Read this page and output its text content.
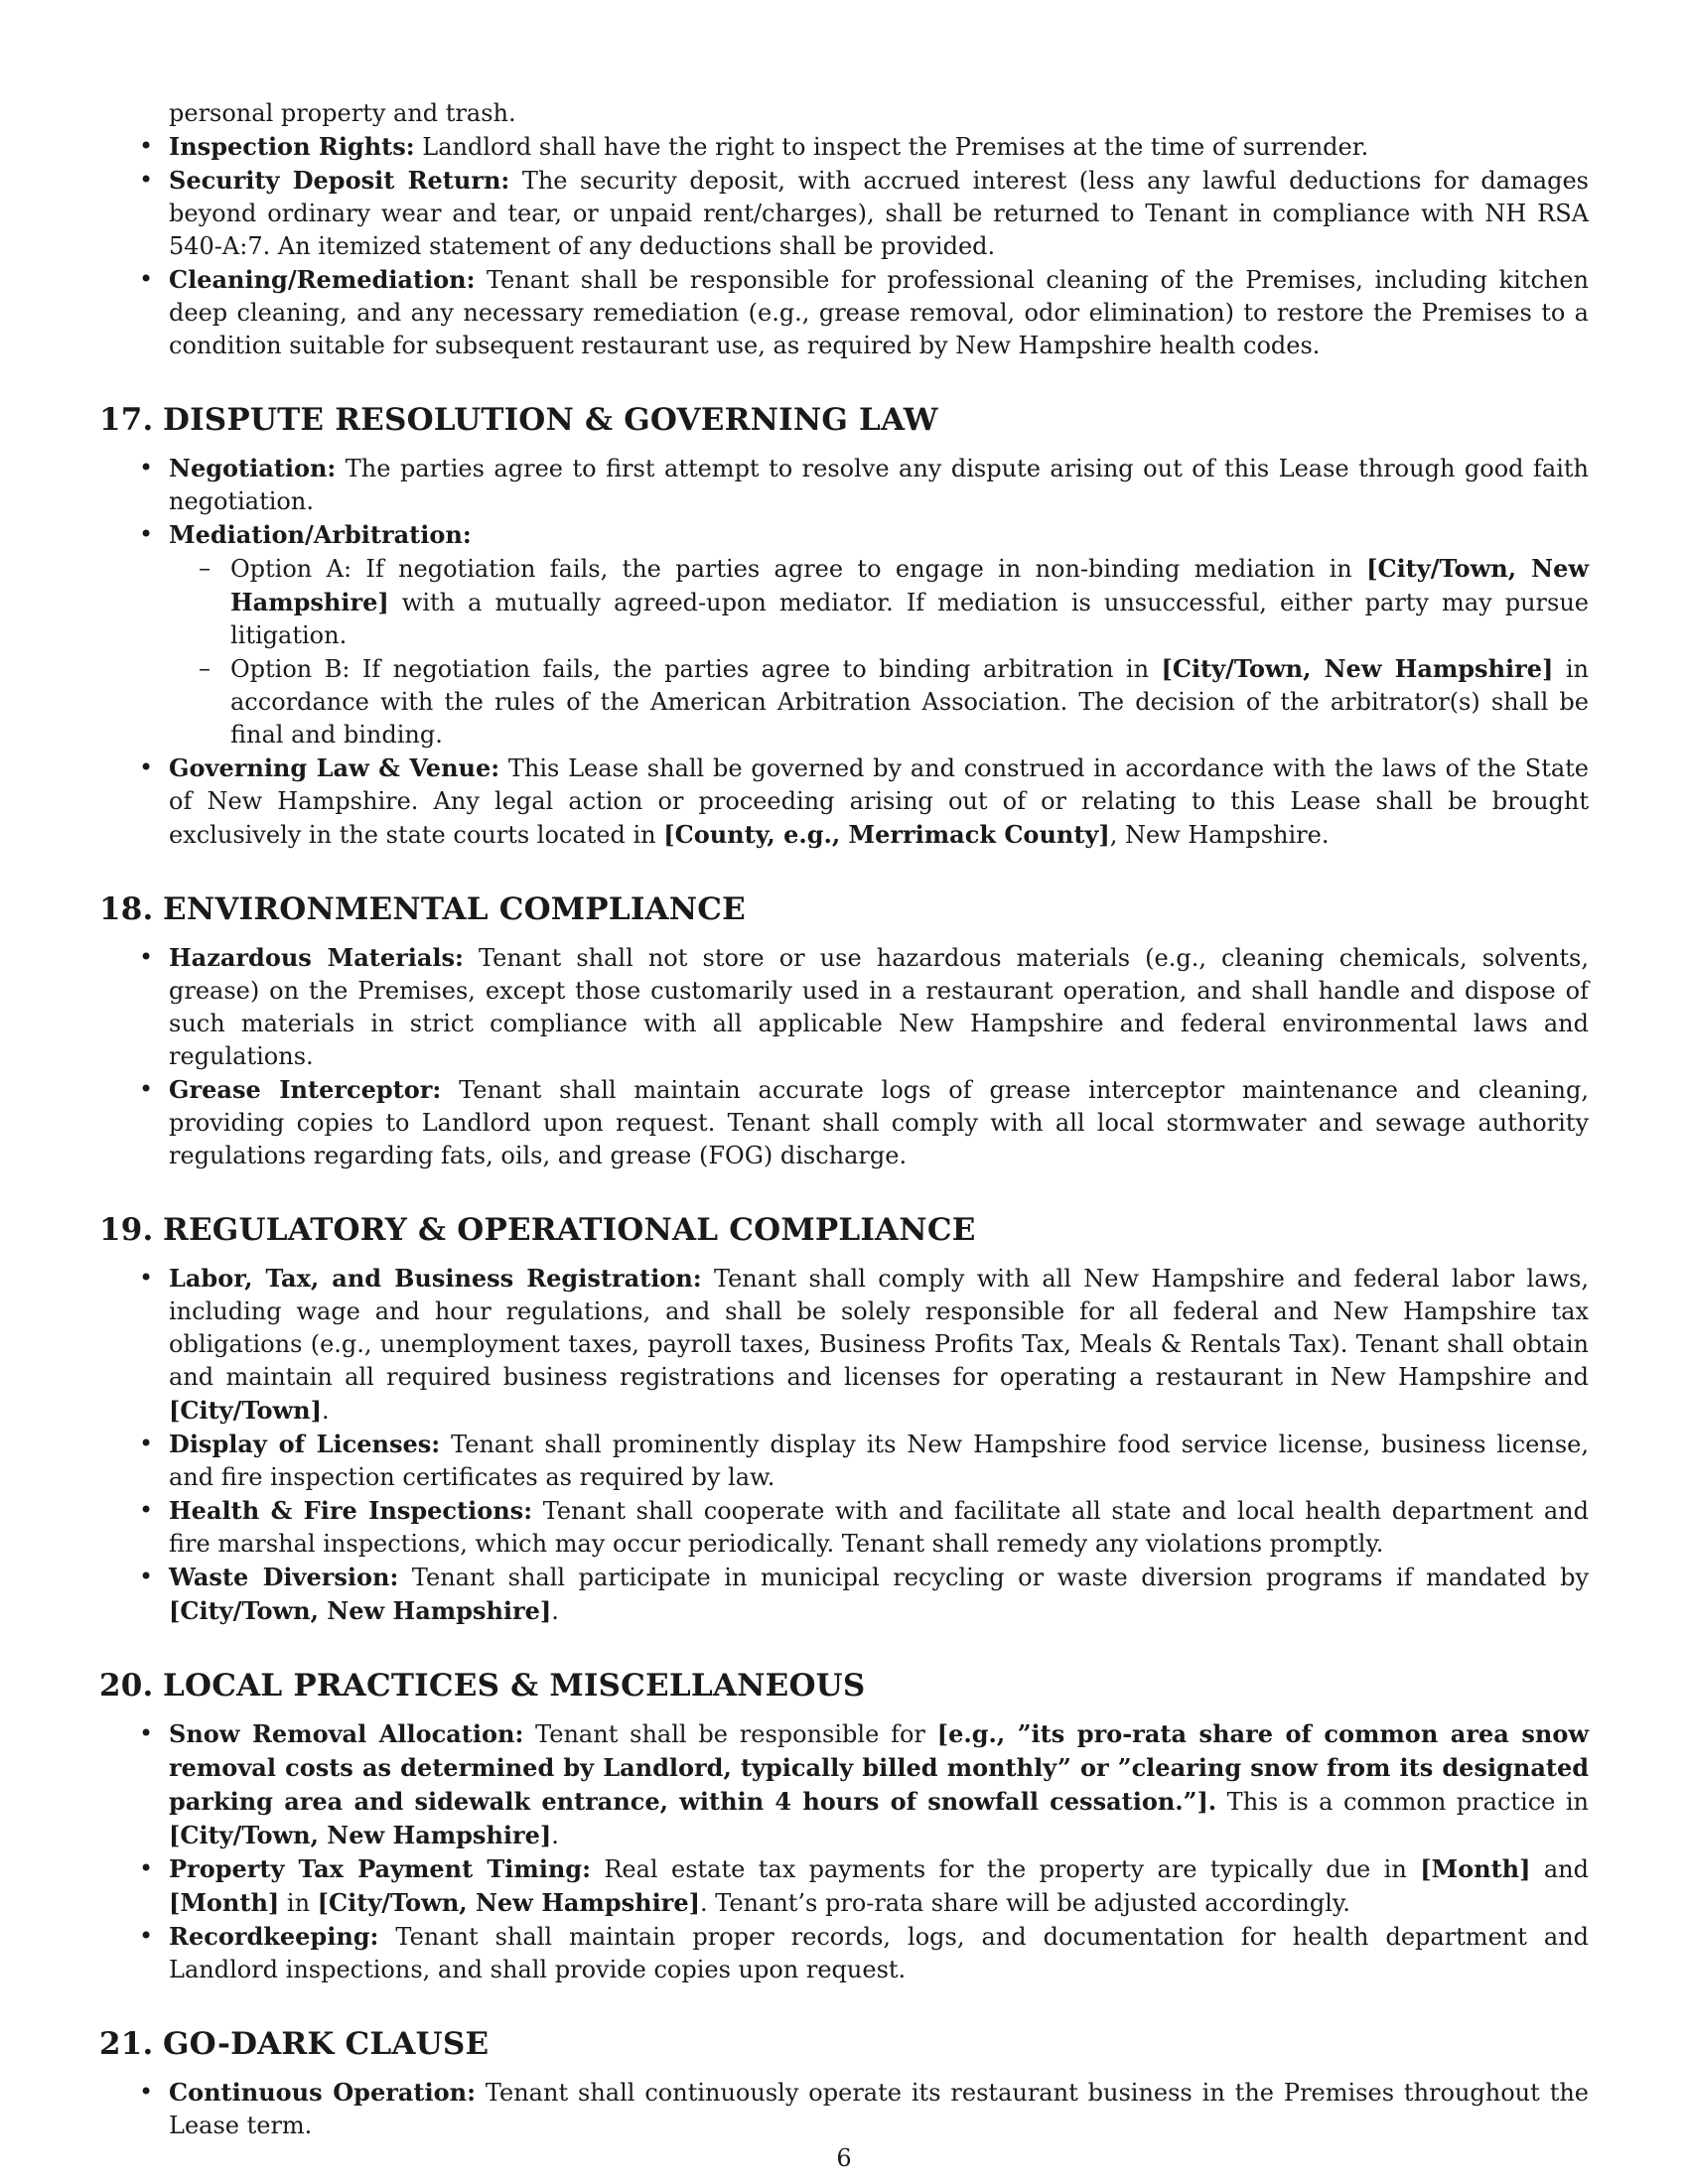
personal property and trash.
• Inspection Rights: Landlord shall have the right to inspect the Premises at the time of surrender.
• Security Deposit Return: The security deposit, with accrued interest (less any lawful deductions for damages beyond ordinary wear and tear, or unpaid rent/charges), shall be returned to Tenant in compliance with NH RSA 540-A:7. An itemized statement of any deductions shall be provided.
• Cleaning/Remediation: Tenant shall be responsible for professional cleaning of the Premises, including kitchen deep cleaning, and any necessary remediation (e.g., grease removal, odor elimination) to restore the Premises to a condition suitable for subsequent restaurant use, as required by New Hampshire health codes.
17. DISPUTE RESOLUTION & GOVERNING LAW
• Negotiation: The parties agree to first attempt to resolve any dispute arising out of this Lease through good faith negotiation.
• Mediation/Arbitration:
– Option A: If negotiation fails, the parties agree to engage in non-binding mediation in [City/Town, New Hampshire] with a mutually agreed-upon mediator. If mediation is unsuccessful, either party may pursue litigation.
– Option B: If negotiation fails, the parties agree to binding arbitration in [City/Town, New Hampshire] in accordance with the rules of the American Arbitration Association. The decision of the arbitrator(s) shall be final and binding.
• Governing Law & Venue: This Lease shall be governed by and construed in accordance with the laws of the State of New Hampshire. Any legal action or proceeding arising out of or relating to this Lease shall be brought exclusively in the state courts located in [County, e.g., Merrimack County], New Hampshire.
18. ENVIRONMENTAL COMPLIANCE
• Hazardous Materials: Tenant shall not store or use hazardous materials (e.g., cleaning chemicals, solvents, grease) on the Premises, except those customarily used in a restaurant operation, and shall handle and dispose of such materials in strict compliance with all applicable New Hampshire and federal environmental laws and regulations.
• Grease Interceptor: Tenant shall maintain accurate logs of grease interceptor maintenance and cleaning, providing copies to Landlord upon request. Tenant shall comply with all local stormwater and sewage authority regulations regarding fats, oils, and grease (FOG) discharge.
19. REGULATORY & OPERATIONAL COMPLIANCE
• Labor, Tax, and Business Registration: Tenant shall comply with all New Hampshire and federal labor laws, including wage and hour regulations, and shall be solely responsible for all federal and New Hampshire tax obligations (e.g., unemployment taxes, payroll taxes, Business Profits Tax, Meals & Rentals Tax). Tenant shall obtain and maintain all required business registrations and licenses for operating a restaurant in New Hampshire and [City/Town].
• Display of Licenses: Tenant shall prominently display its New Hampshire food service license, business license, and fire inspection certificates as required by law.
• Health & Fire Inspections: Tenant shall cooperate with and facilitate all state and local health department and fire marshal inspections, which may occur periodically. Tenant shall remedy any violations promptly.
• Waste Diversion: Tenant shall participate in municipal recycling or waste diversion programs if mandated by [City/Town, New Hampshire].
20. LOCAL PRACTICES & MISCELLANEOUS
• Snow Removal Allocation: Tenant shall be responsible for [e.g., ”its pro-rata share of common area snow removal costs as determined by Landlord, typically billed monthly” or ”clearing snow from its designated parking area and sidewalk entrance, within 4 hours of snowfall cessation.”]. This is a common practice in [City/Town, New Hampshire].
• Property Tax Payment Timing: Real estate tax payments for the property are typically due in [Month] and [Month] in [City/Town, New Hampshire]. Tenant’s pro-rata share will be adjusted accordingly.
• Recordkeeping: Tenant shall maintain proper records, logs, and documentation for health department and Landlord inspections, and shall provide copies upon request.
21. GO-DARK CLAUSE
• Continuous Operation: Tenant shall continuously operate its restaurant business in the Premises throughout the Lease term.
6
